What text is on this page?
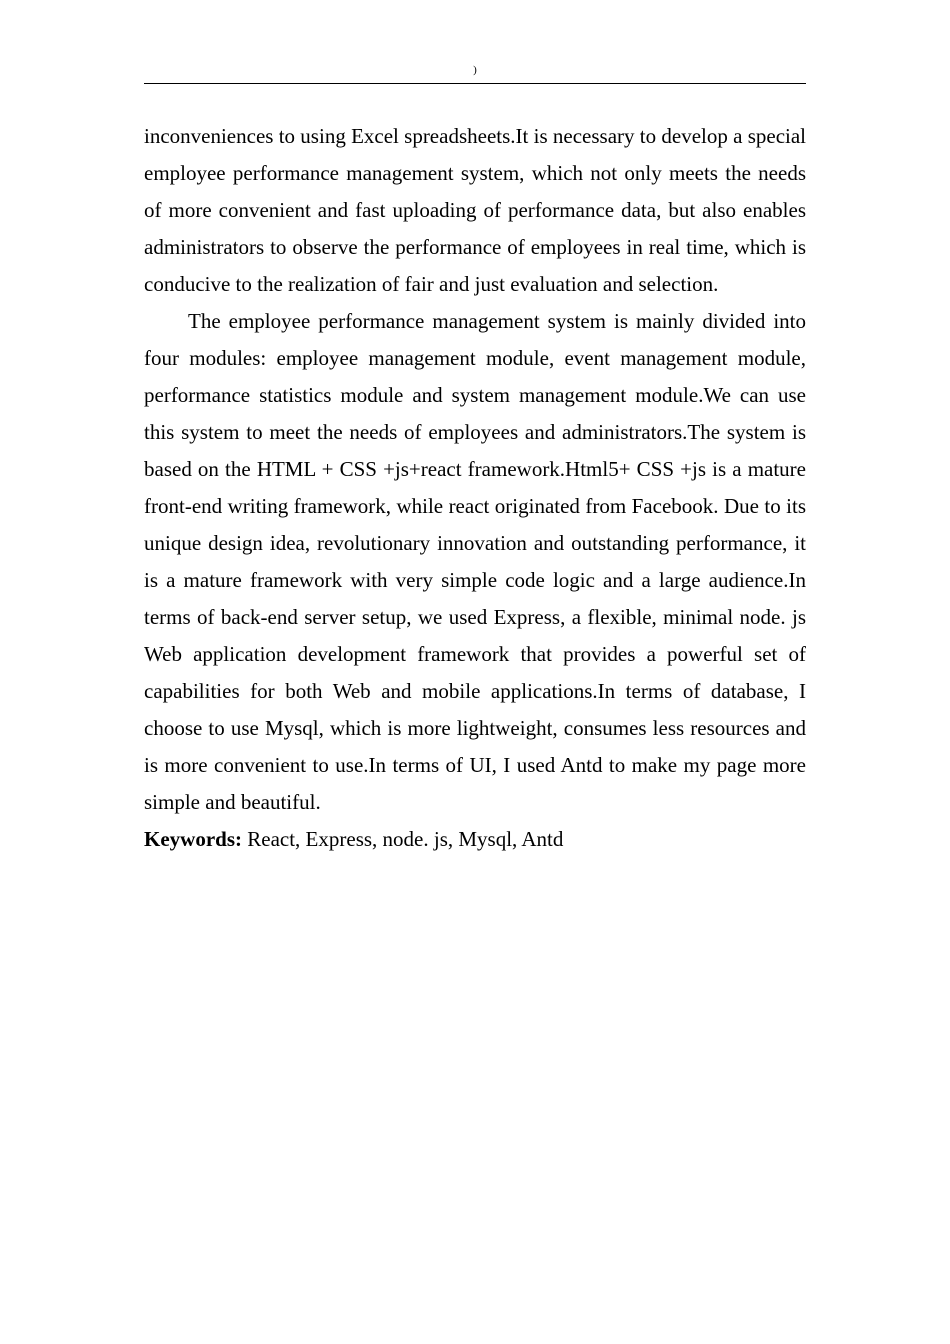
)

inconveniences to using Excel spreadsheets.It is necessary to develop a special employee performance management system, which not only meets the needs of more convenient and fast uploading of performance data, but also enables administrators to observe the performance of employees in real time, which is conducive to the realization of fair and just evaluation and selection.

The employee performance management system is mainly divided into four modules: employee management module, event management module, performance statistics module and system management module.We can use this system to meet the needs of employees and administrators.The system is based on the HTML + CSS +js+react framework.Html5+ CSS +js is a mature front-end writing framework, while react originated from Facebook. Due to its unique design idea, revolutionary innovation and outstanding performance, it is a mature framework with very simple code logic and a large audience.In terms of back-end server setup, we used Express, a flexible, minimal node. js Web application development framework that provides a powerful set of capabilities for both Web and mobile applications.In terms of database, I choose to use Mysql, which is more lightweight, consumes less resources and is more convenient to use.In terms of UI, I used Antd to make my page more simple and beautiful.

Keywords: React, Express, node. js, Mysql, Antd
